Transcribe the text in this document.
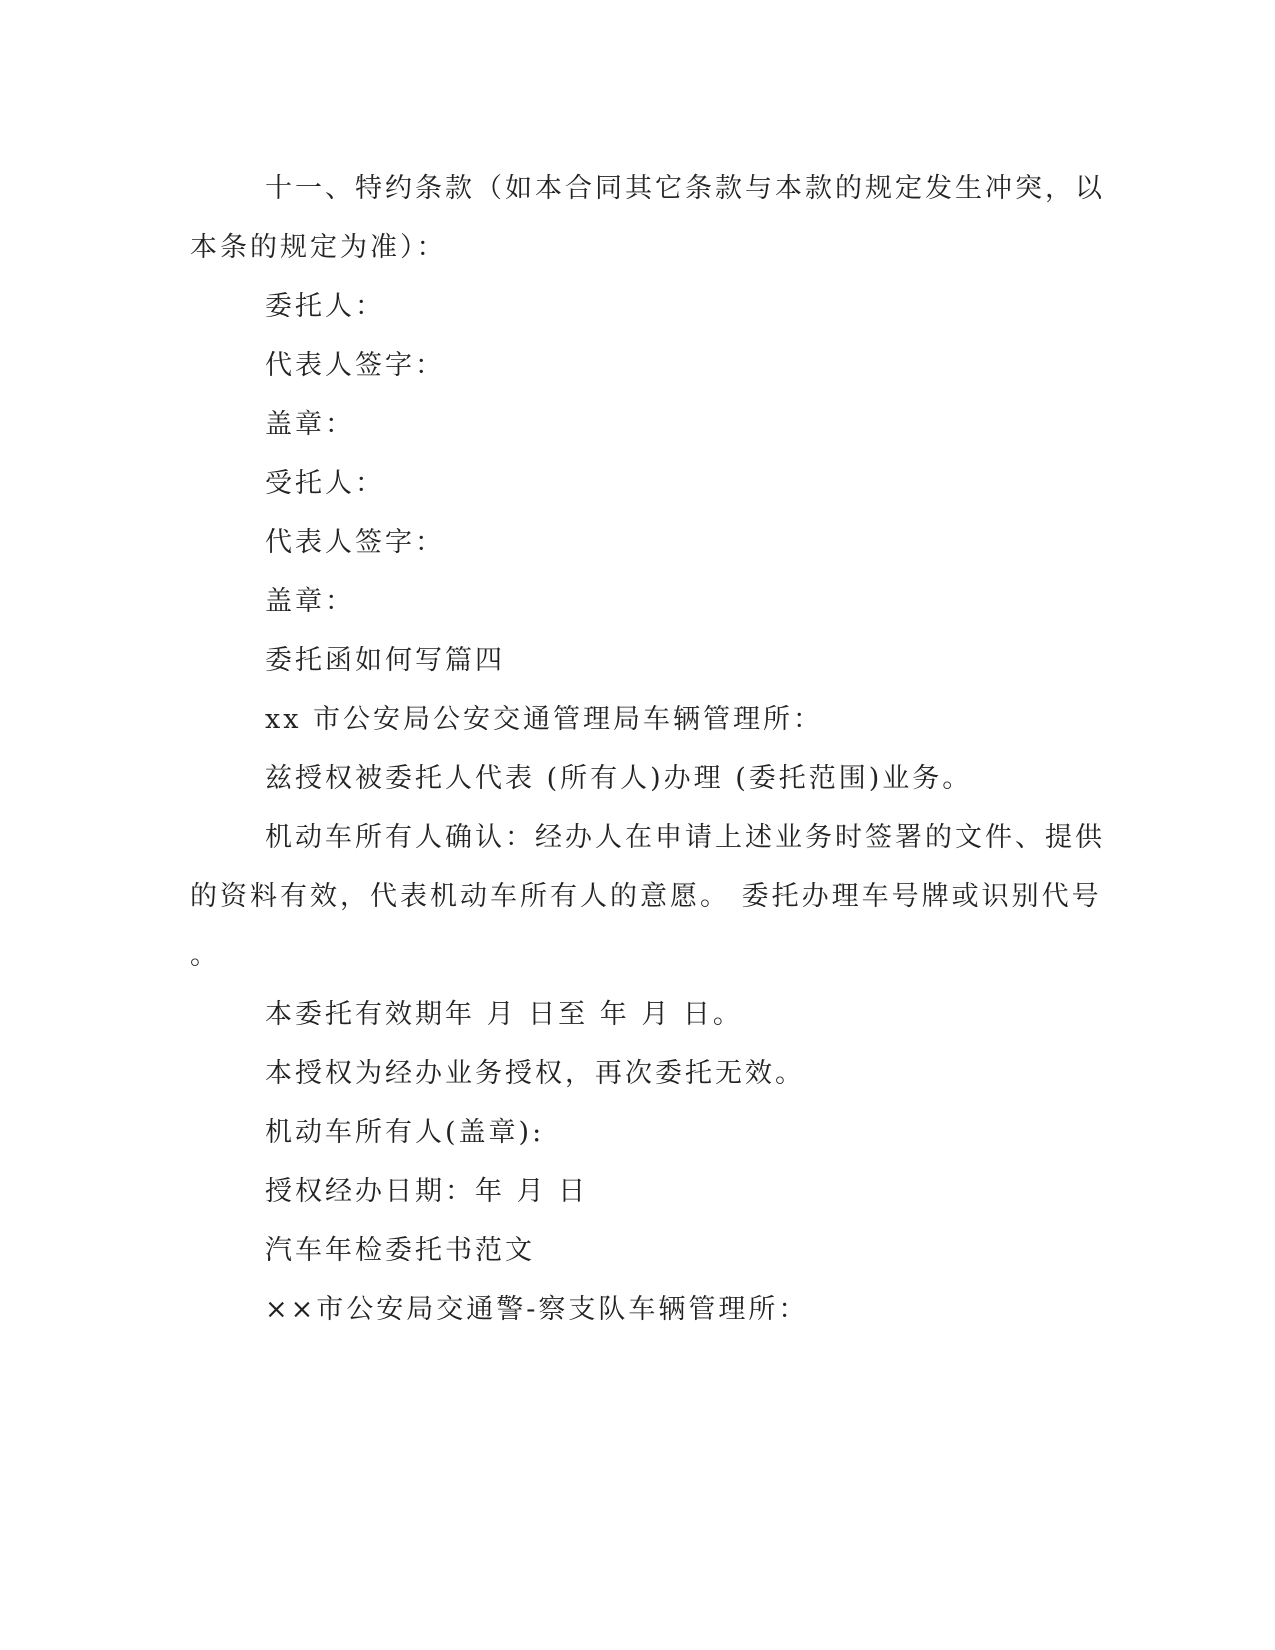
十一、特约条款（如本合同其它条款与本款的规定发生冲突，以
本条的规定为准）：
委托人：
代表人签字：
盖章：
受托人：
代表人签字：
盖章：
委托函如何写篇四
xx 市公安局公安交通管理局车辆管理所：
兹授权被委托人代表 (所有人)办理 (委托范围)业务。
机动车所有人确认：经办人在申请上述业务时签署的文件、提供
的资料有效，代表机动车所有人的意愿。 委托办理车号牌或识别代号
。
本委托有效期年 月 日至 年 月 日。
本授权为经办业务授权，再次委托无效。
机动车所有人(盖章):
授权经办日期：年 月 日
汽车年检委托书范文
××市公安局交通警-察支队车辆管理所：
